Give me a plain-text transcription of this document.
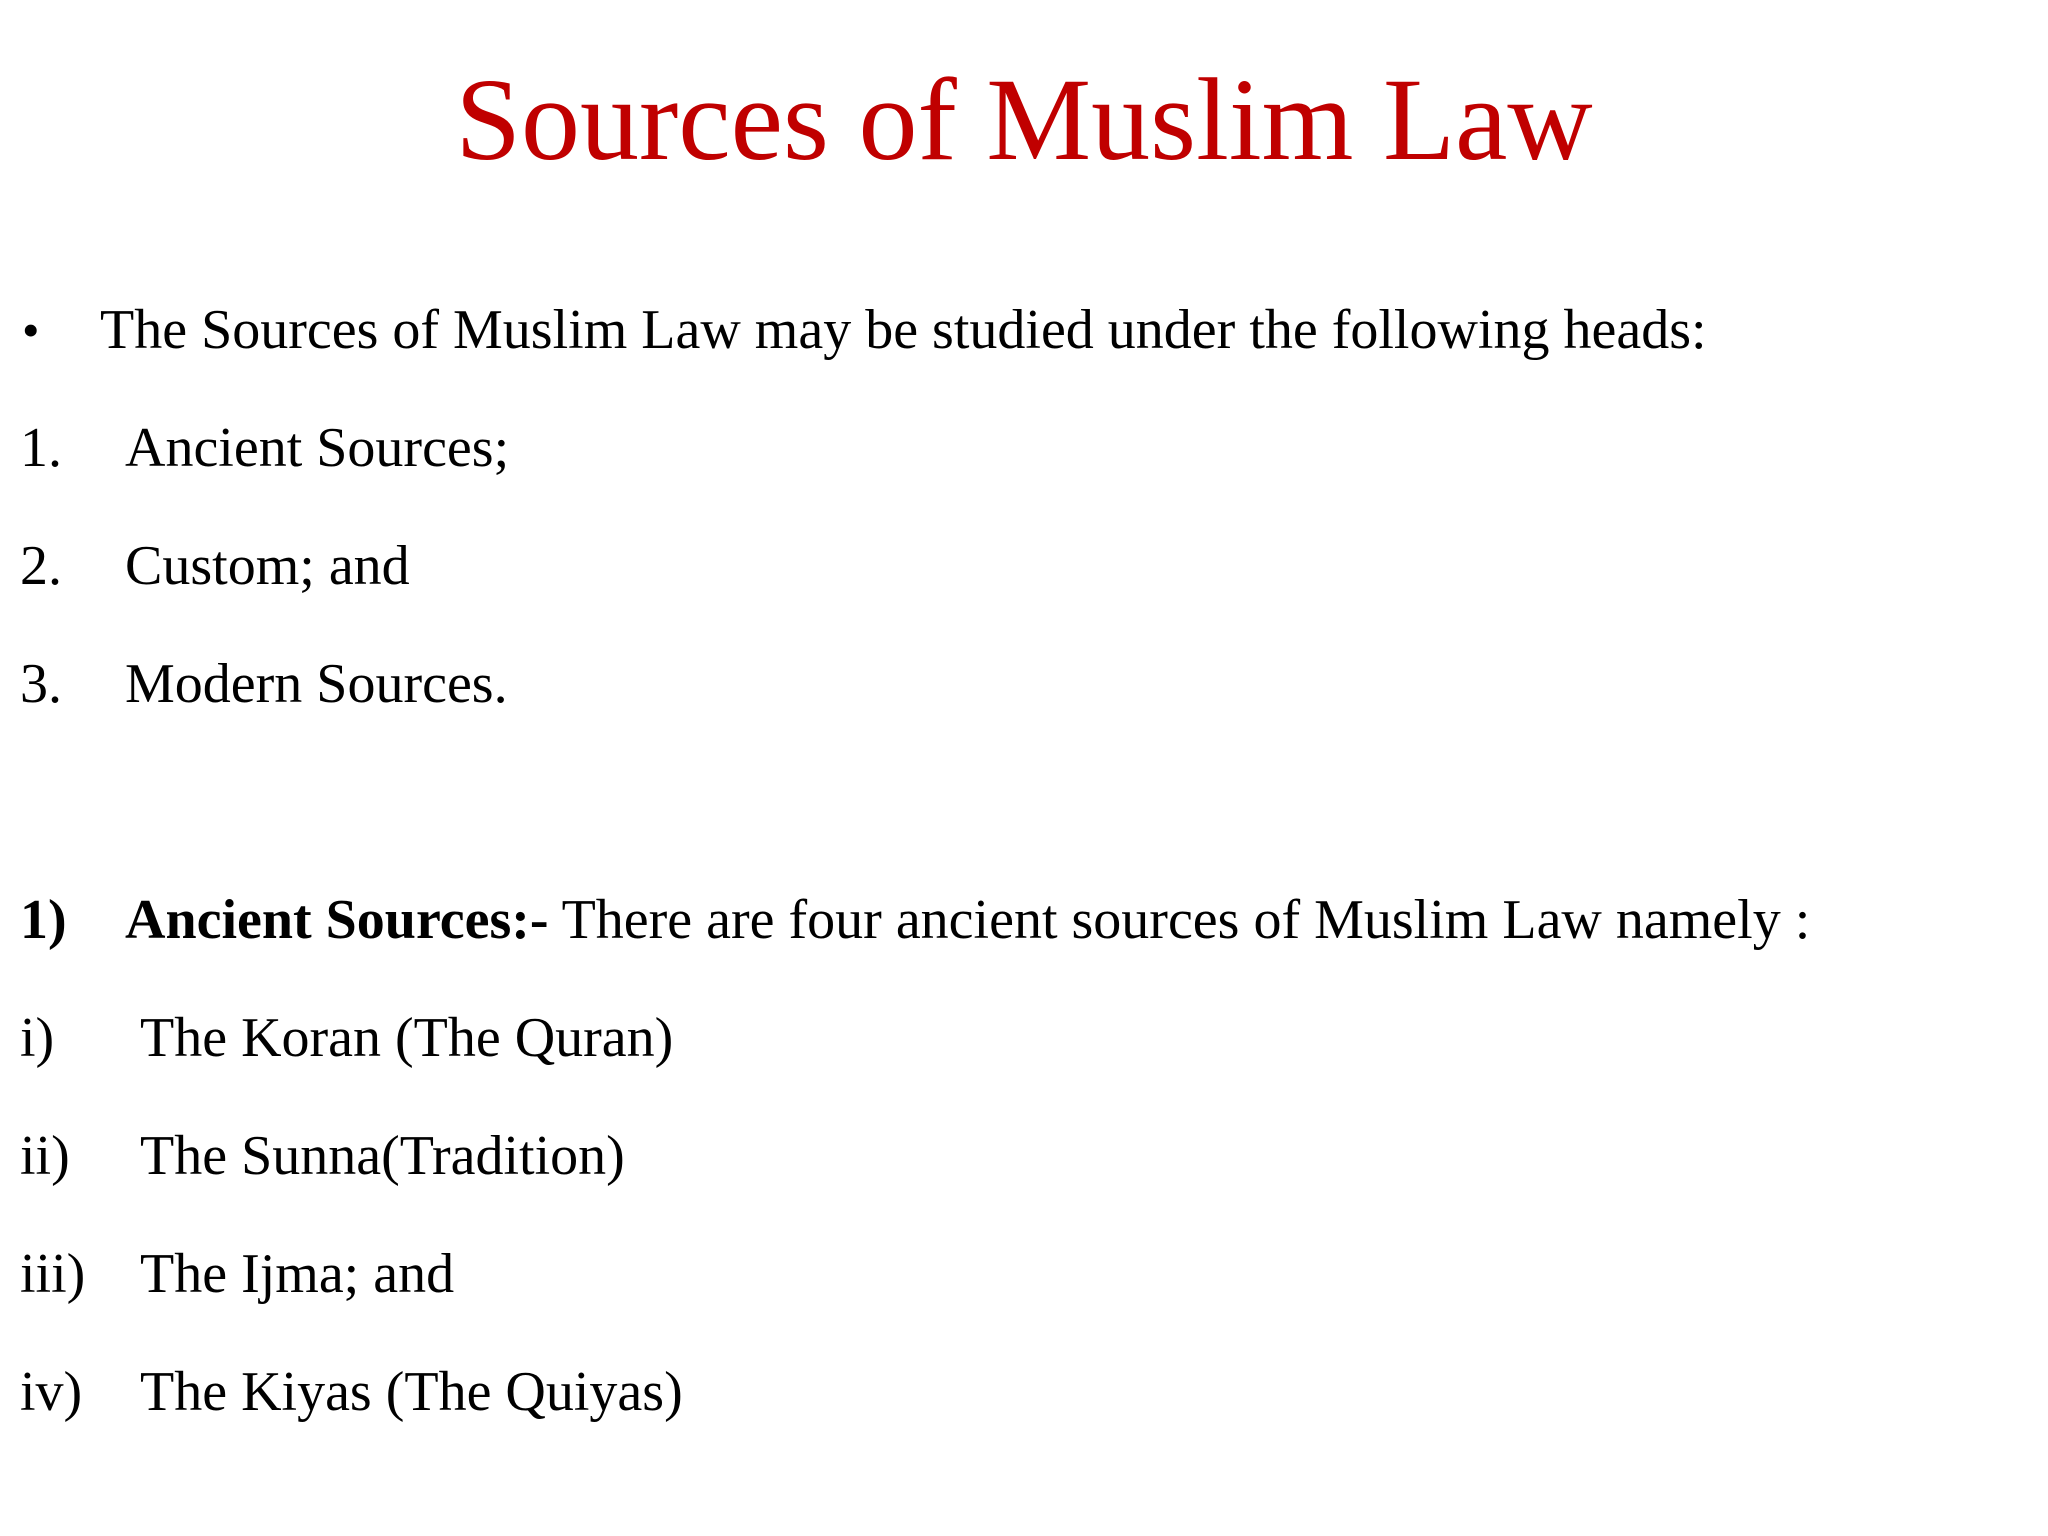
Sources of Muslim Law
• The Sources of Muslim Law may be studied under the following heads:
1. Ancient Sources;
2. Custom; and
3. Modern Sources.
1) Ancient Sources:- There are four ancient sources of Muslim Law namely :
i) The Koran (The Quran)
ii) The Sunna(Tradition)
iii) The Ijma; and
iv) The Kiyas (The Quiyas)
